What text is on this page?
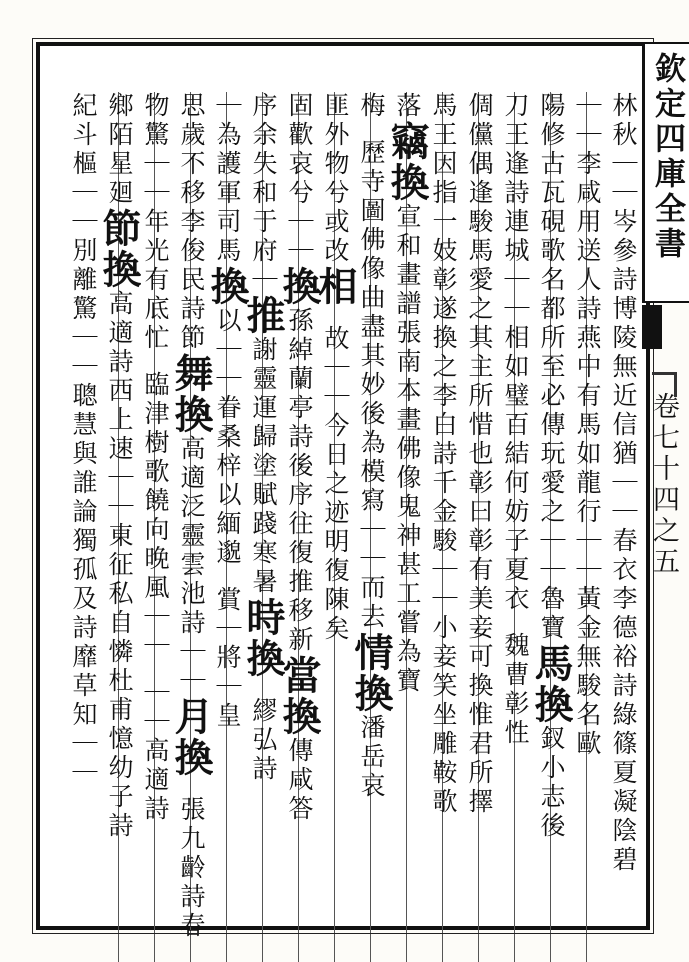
林秋｜｜岑參詩博陵無近信猶｜｜春衣李德裕詩綠篠夏凝陰碧
｜｜李咸用送人詩燕中有馬如龍行｜｜黃金無駿名歐
陽修古瓦硯歌名都所至必傳玩愛之｜｜魯寶馬換釵小志後
刀王逢詩連城｜｜相如璧百結何妨子夏衣魏曹彰性
倜儻偶逢駿馬愛之其主所惜也彰曰彰有美妾可換惟君所擇
馬王因指一妓彰遂換之李白詩千金駿｜｜小妾笑坐雕鞍歌
落竊換宣和畫譜張南本畫佛像鬼神甚工嘗為寶
梅歷寺圖佛像曲盡其妙後為模寫｜｜而去情換潘岳哀
匪外物兮或改相故｜｜今日之迹明復陳矣
固歡哀兮｜｜換孫綽蘭亭詩後序往復推移新當換傳咸答
序余失和于府｜推謝靈運歸塗賦踐寒暑時換繆弘詩
｜為護軍司馬換以｜｜眷桑梓以緬邈賞｜將｜皇
思歲不移李俊民詩節舞換高適泛靈雲池詩｜｜月換張九齡詩春
物驚｜｜年光有底忙臨津樹歌饒向晚風｜｜｜｜高適詩
鄉陌星廻節換高適詩西上速｜｜東征私自憐杜甫憶幼子詩
紀斗樞｜｜別離驚｜｜聰慧與誰論獨孤及詩靡草知｜｜	欽定四庫全書
卷七十四之五
